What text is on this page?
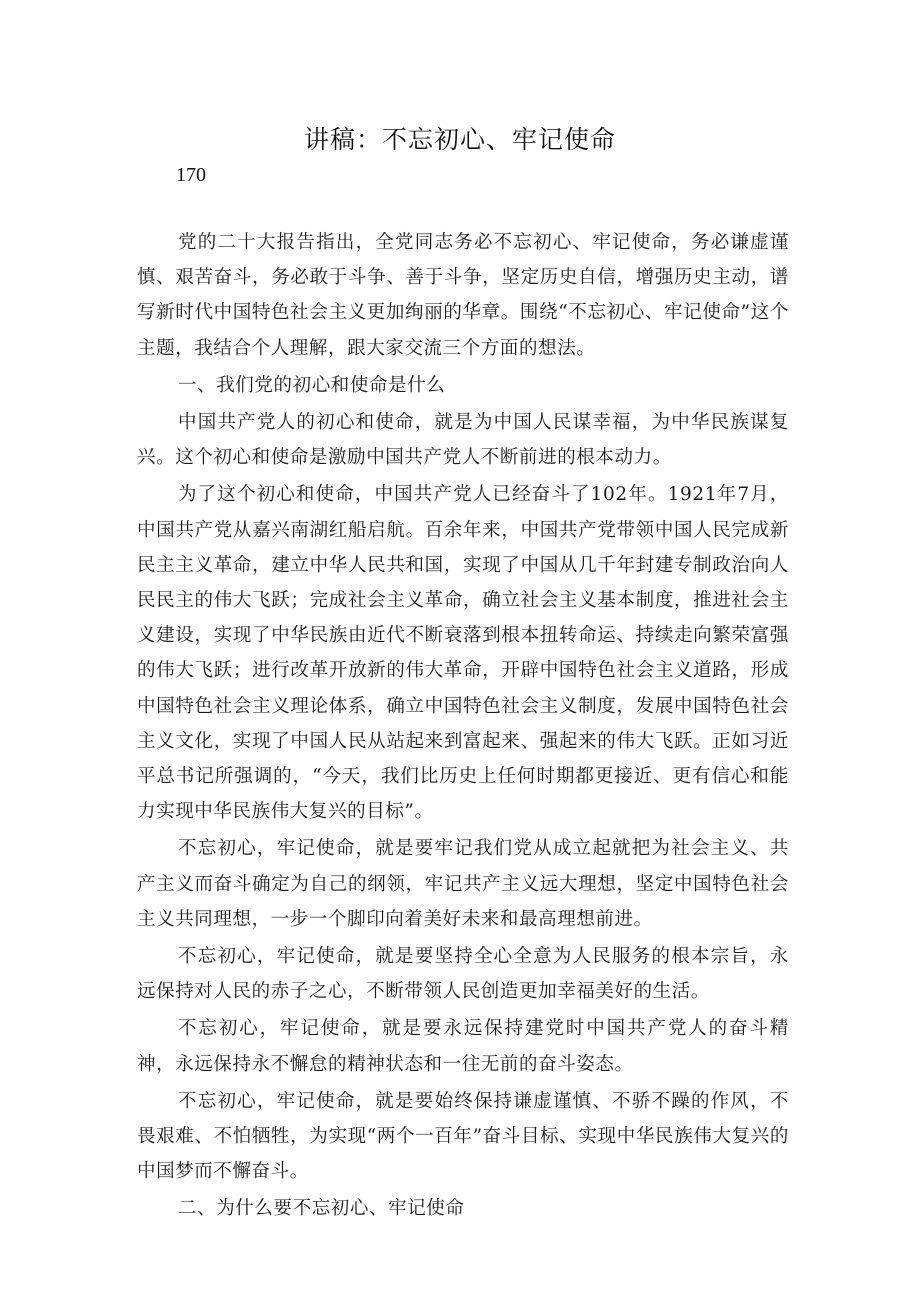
讲稿：不忘初心、牢记使命
170

党的二十大报告指出，全党同志务必不忘初心、牢记使命，务必谦虚谨慎、艰苦奋斗，务必敢于斗争、善于斗争，坚定历史自信，增强历史主动，谱写新时代中国特色社会主义更加绚丽的华章。围绕“不忘初心、牢记使命”这个主题，我结合个人理解，跟大家交流三个方面的想法。

一、我们党的初心和使命是什么

中国共产党人的初心和使命，就是为中国人民谋幸福，为中华民族谋复兴。这个初心和使命是激励中国共产党人不断前进的根本动力。

为了这个初心和使命，中国共产党人已经奋斗了102年。1921年7月，中国共产党从嘉兴南湖红船启航。百余年来，中国共产党带领中国人民完成新民主主义革命，建立中华人民共和国，实现了中国从几千年封建专制政治向人民民主的伟大飞跃；完成社会主义革命，确立社会主义基本制度，推进社会主义建设，实现了中华民族由近代不断衰落到根本扭转命运、持续走向繁荣富强的伟大飞跃；进行改革开放新的伟大革命，开辟中国特色社会主义道路，形成中国特色社会主义理论体系，确立中国特色社会主义制度，发展中国特色社会主义文化，实现了中国人民从站起来到富起来、强起来的伟大飞跃。正如习近平总书记所强调的，“今天，我们比历史上任何时期都更接近、更有信心和能力实现中华民族伟大复兴的目标”。

不忘初心，牢记使命，就是要牢记我们党从成立起就把为社会主义、共产主义而奋斗确定为自己的纲领，牢记共产主义远大理想，坚定中国特色社会主义共同理想，一步一个脚印向着美好未来和最高理想前进。

不忘初心，牢记使命，就是要坚持全心全意为人民服务的根本宗旨，永远保持对人民的赤子之心，不断带领人民创造更加幸福美好的生活。

不忘初心，牢记使命，就是要永远保持建党时中国共产党人的奋斗精神，永远保持永不懈怠的精神状态和一往无前的奋斗姿态。

不忘初心，牢记使命，就是要始终保持谦虚谨慎、不骄不躁的作风，不畏艰难、不怕牺牲，为实现“两个一百年”奋斗目标、实现中华民族伟大复兴的中国梦而不懈奋斗。

二、为什么要不忘初心、牢记使命
